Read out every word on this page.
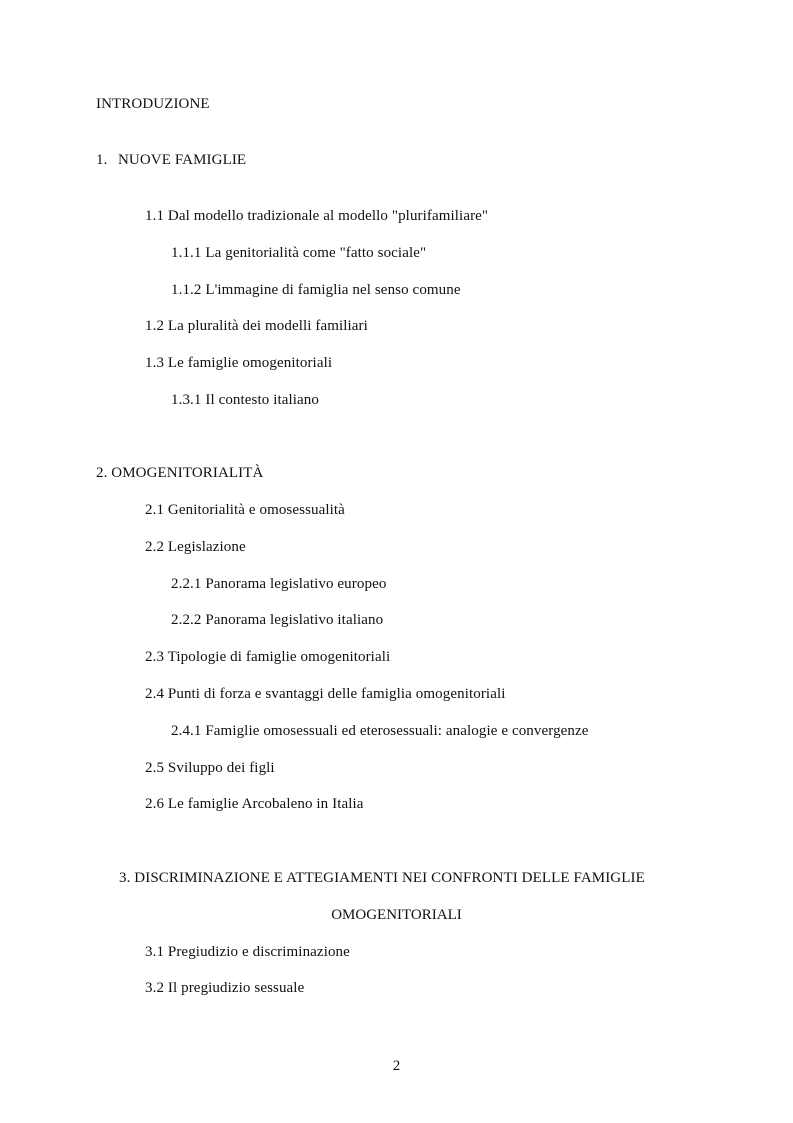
INTRODUZIONE
1. NUOVE FAMIGLIE
1.1 Dal modello tradizionale al modello "plurifamiliare"
1.1.1 La genitorialità come "fatto sociale"
1.1.2 L'immagine di famiglia nel senso comune
1.2 La pluralità dei modelli familiari
1.3 Le famiglie omogenitoriali
1.3.1 Il contesto italiano
2. OMOGENITORIALITÀ
2.1 Genitorialità e omosessualità
2.2 Legislazione
2.2.1 Panorama legislativo europeo
2.2.2 Panorama legislativo italiano
2.3 Tipologie di famiglie omogenitoriali
2.4 Punti di forza e svantaggi delle famiglia omogenitoriali
2.4.1 Famiglie omosessuali ed eterosessuali: analogie e convergenze
2.5 Sviluppo dei figli
2.6 Le famiglie Arcobaleno in Italia
3. DISCRIMINAZIONE E ATTEGIAMENTI NEI CONFRONTI DELLE FAMIGLIE
OMOGENITORIALI
3.1 Pregiudizio e discriminazione
3.2 Il pregiudizio sessuale
2
